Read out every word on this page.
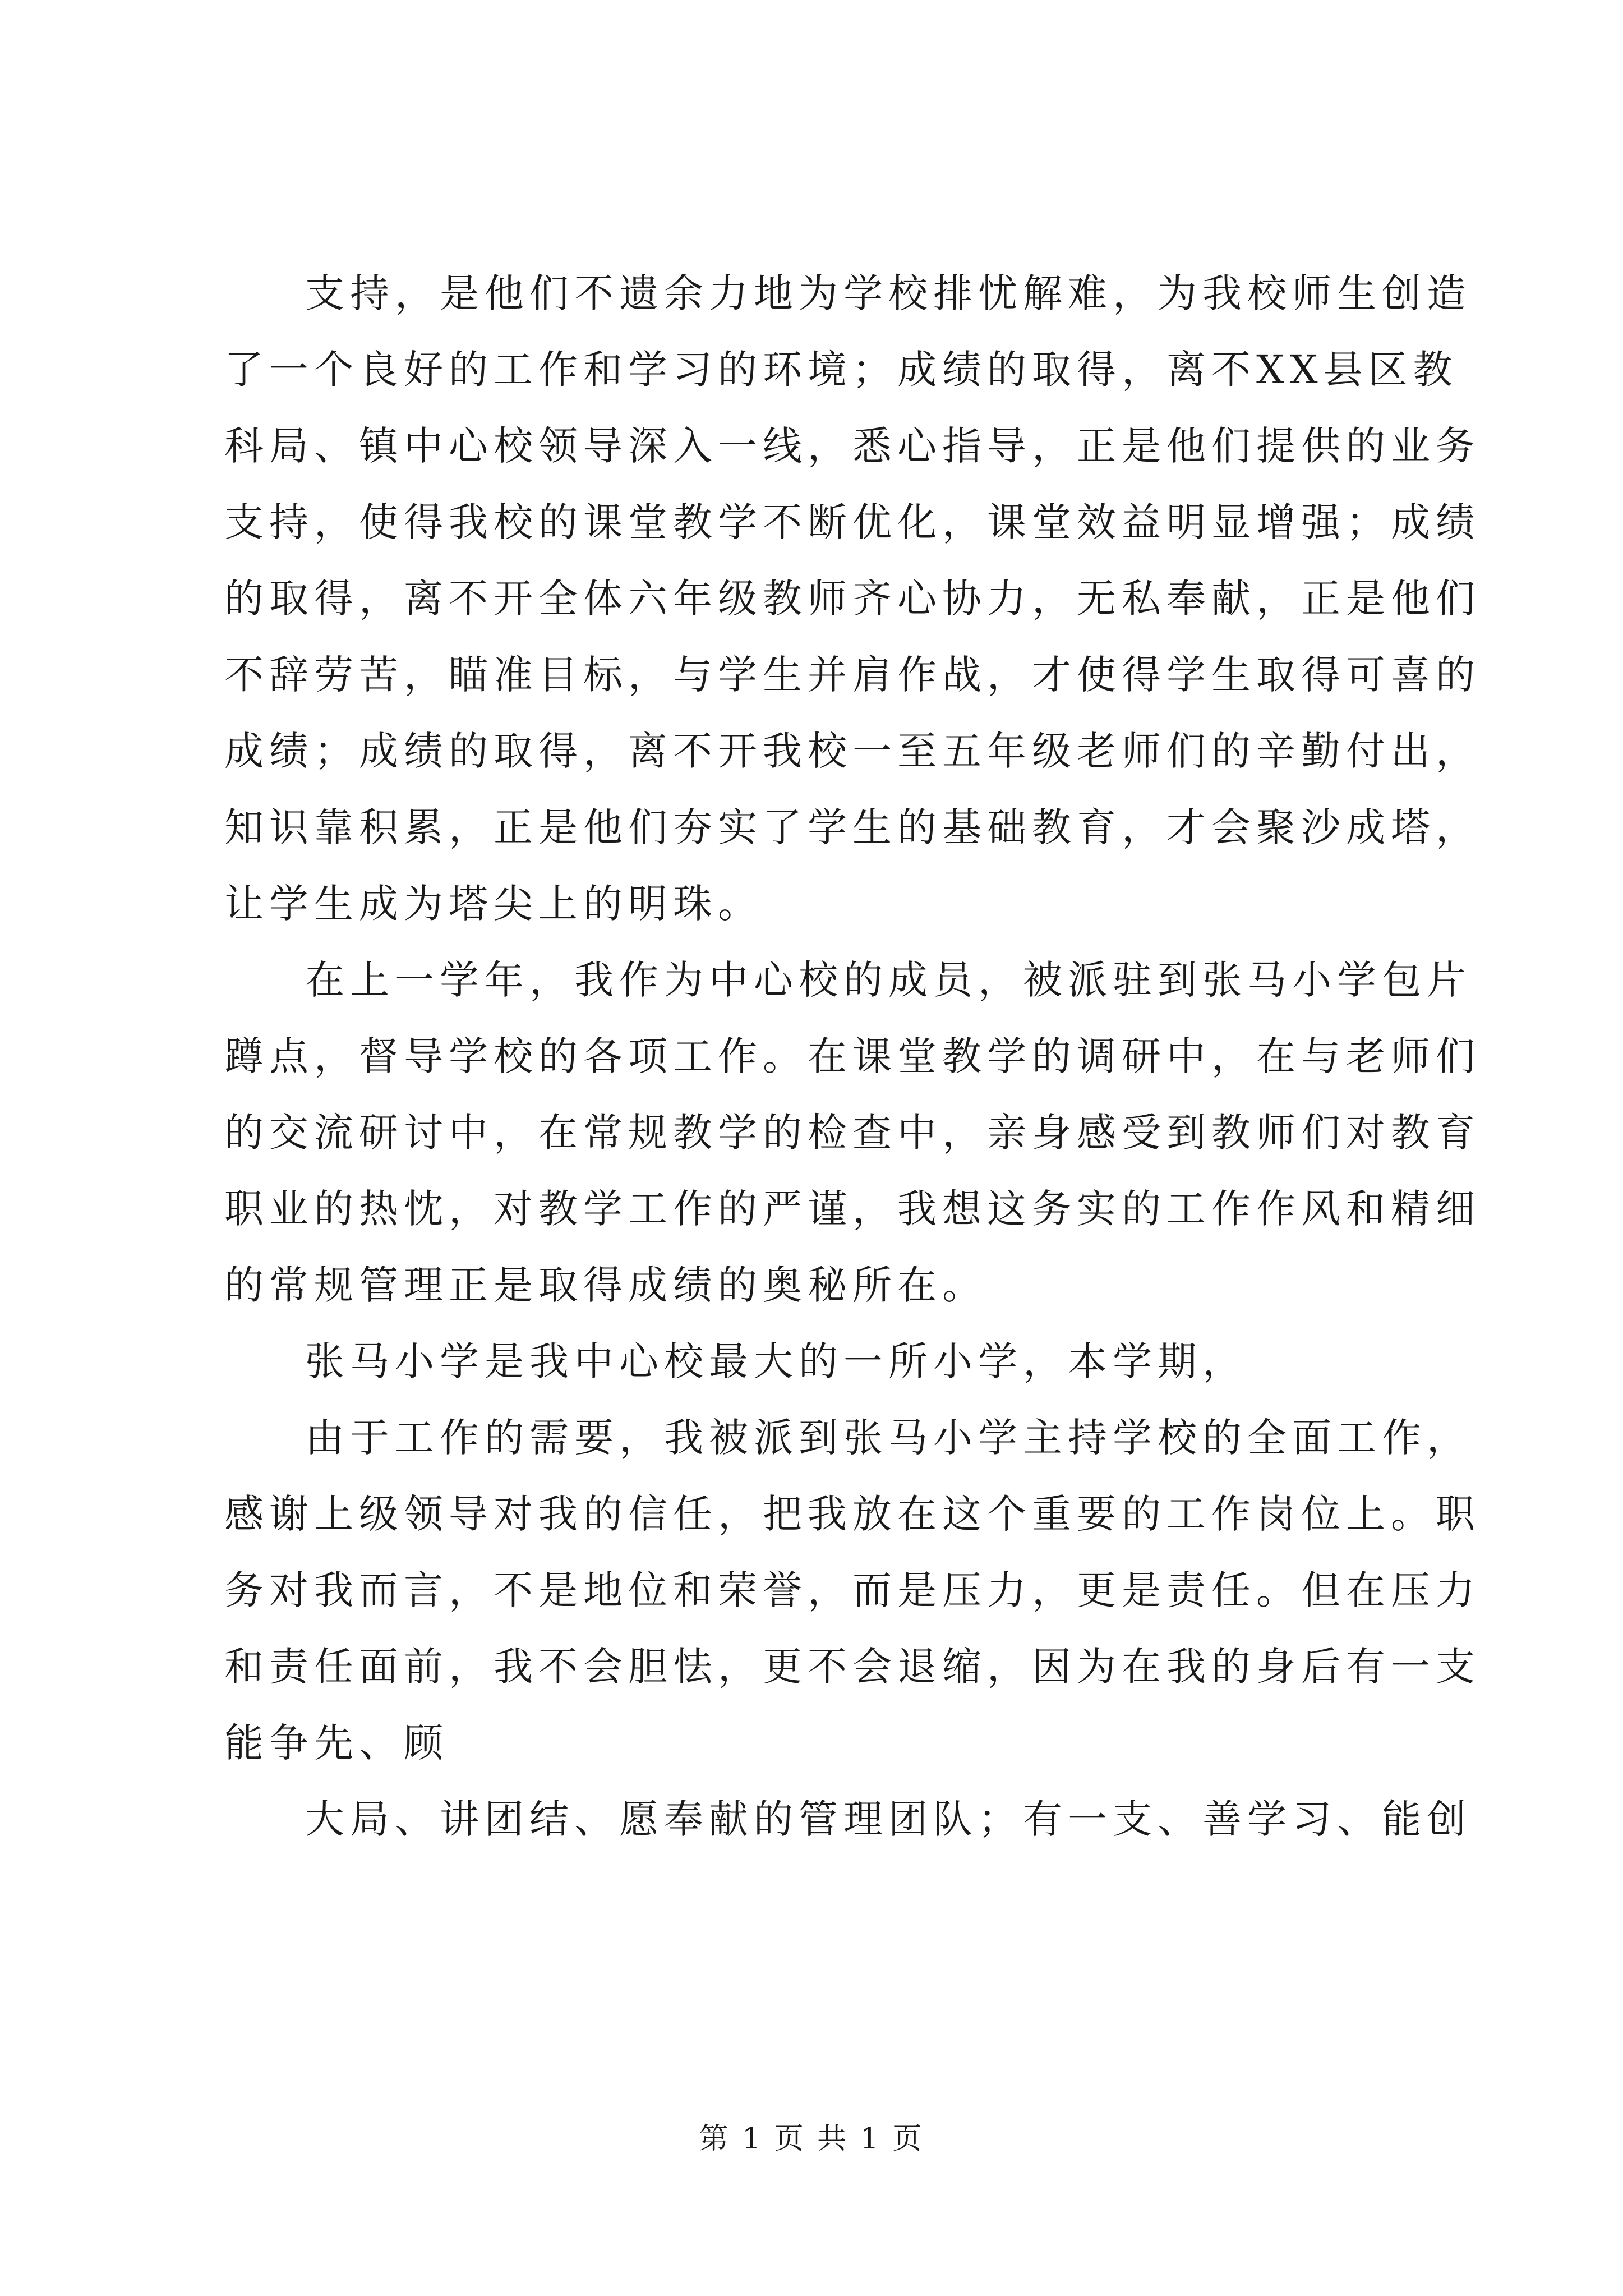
支持，是他们不遗余力地为学校排忧解难，为我校师生创造
了一个良好的工作和学习的环境；成绩的取得，离不XX县区教
科局、镇中心校领导深入一线，悉心指导，正是他们提供的业务
支持，使得我校的课堂教学不断优化，课堂效益明显增强；成绩
的取得，离不开全体六年级教师齐心协力，无私奉献，正是他们
不辞劳苦，瞄准目标，与学生并肩作战，才使得学生取得可喜的
成绩；成绩的取得，离不开我校一至五年级老师们的辛勤付出，
知识靠积累，正是他们夯实了学生的基础教育，才会聚沙成塔，
让学生成为塔尖上的明珠。
在上一学年，我作为中心校的成员，被派驻到张马小学包片
蹲点，督导学校的各项工作。在课堂教学的调研中，在与老师们
的交流研讨中，在常规教学的检查中，亲身感受到教师们对教育
职业的热忱，对教学工作的严谨，我想这务实的工作作风和精细
的常规管理正是取得成绩的奥秘所在。
张马小学是我中心校最大的一所小学，本学期，
由于工作的需要，我被派到张马小学主持学校的全面工作，
感谢上级领导对我的信任，把我放在这个重要的工作岗位上。职
务对我而言，不是地位和荣誉，而是压力，更是责任。但在压力
和责任面前，我不会胆怯，更不会退缩，因为在我的身后有一支
能争先、顾
大局、讲团结、愿奉献的管理团队；有一支、善学习、能创
第 1 页 共 1 页
